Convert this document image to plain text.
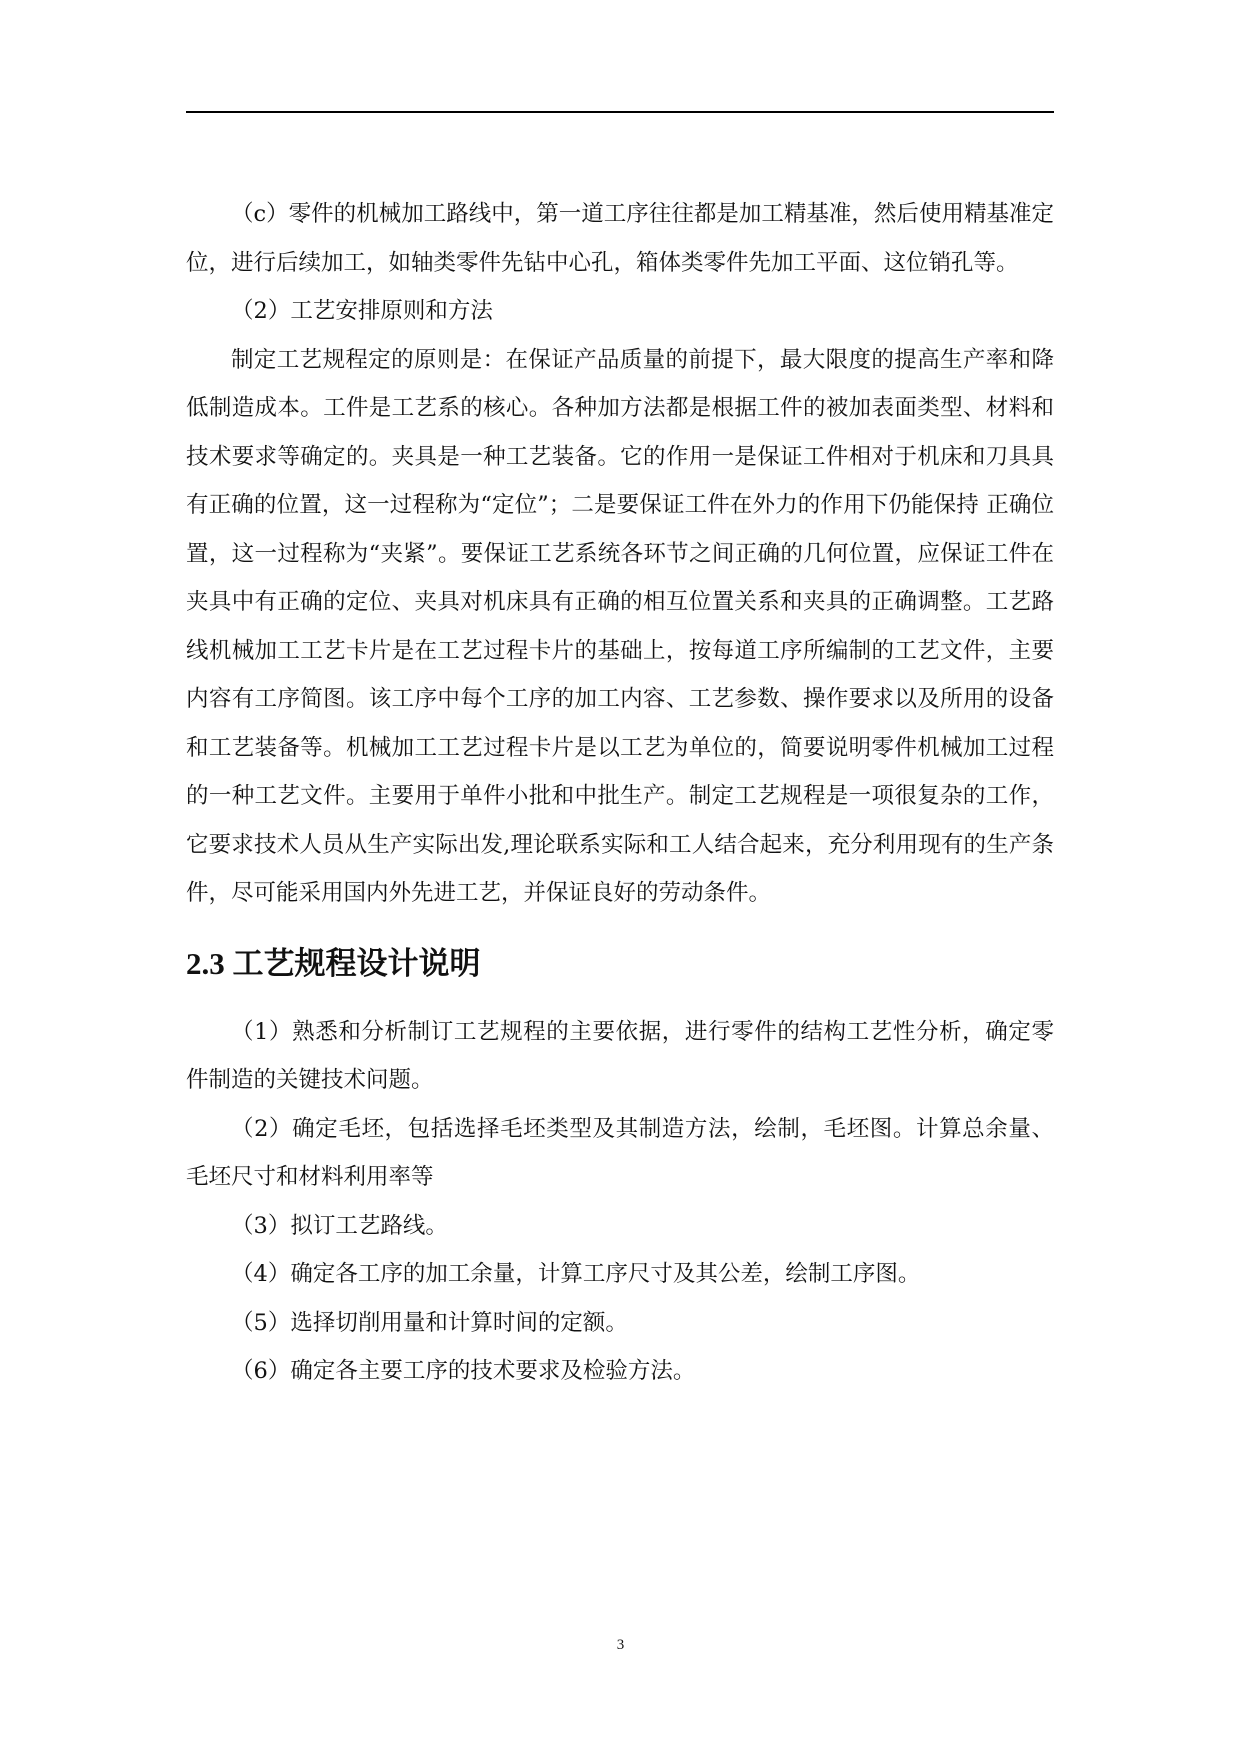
（c）零件的机械加工路线中，第一道工序往往都是加工精基准，然后使用精基准定位，进行后续加工，如轴类零件先钻中心孔，箱体类零件先加工平面、这位销孔等。

（2）工艺安排原则和方法

制定工艺规程定的原则是：在保证产品质量的前提下，最大限度的提高生产率和降低制造成本。工件是工艺系的核心。各种加方法都是根据工件的被加表面类型、材料和技术要求等确定的。夹具是一种工艺装备。它的作用一是保证工件相对于机床和刀具具有正确的位置，这一过程称为“定位”；二是要保证工件在外力的作用下仍能保持 正确位置，这一过程称为“夹紧”。要保证工艺系统各环节之间正确的几何位置，应保证工件在夹具中有正确的定位、夹具对机床具有正确的相互位置关系和夹具的正确调整。工艺路线机械加工工艺卡片是在工艺过程卡片的基础上，按每道工序所编制的工艺文件，主要内容有工序简图。该工序中每个工序的加工内容、工艺参数、操作要求以及所用的设备和工艺装备等。机械加工工艺过程卡片是以工艺为单位的，简要说明零件机械加工过程的一种工艺文件。主要用于单件小批和中批生产。制定工艺规程是一项很复杂的工作，它要求技术人员从生产实际出发,理论联系实际和工人结合起来，充分利用现有的生产条件，尽可能采用国内外先进工艺，并保证良好的劳动条件。

2.3 工艺规程设计说明

（1）熟悉和分析制订工艺规程的主要依据，进行零件的结构工艺性分析，确定零件制造的关键技术问题。

（2）确定毛坯，包括选择毛坯类型及其制造方法，绘制，毛坯图。计算总余量、毛坯尺寸和材料利用率等

（3）拟订工艺路线。

（4）确定各工序的加工余量，计算工序尺寸及其公差，绘制工序图。

（5）选择切削用量和计算时间的定额。

（6）确定各主要工序的技术要求及检验方法。

3
